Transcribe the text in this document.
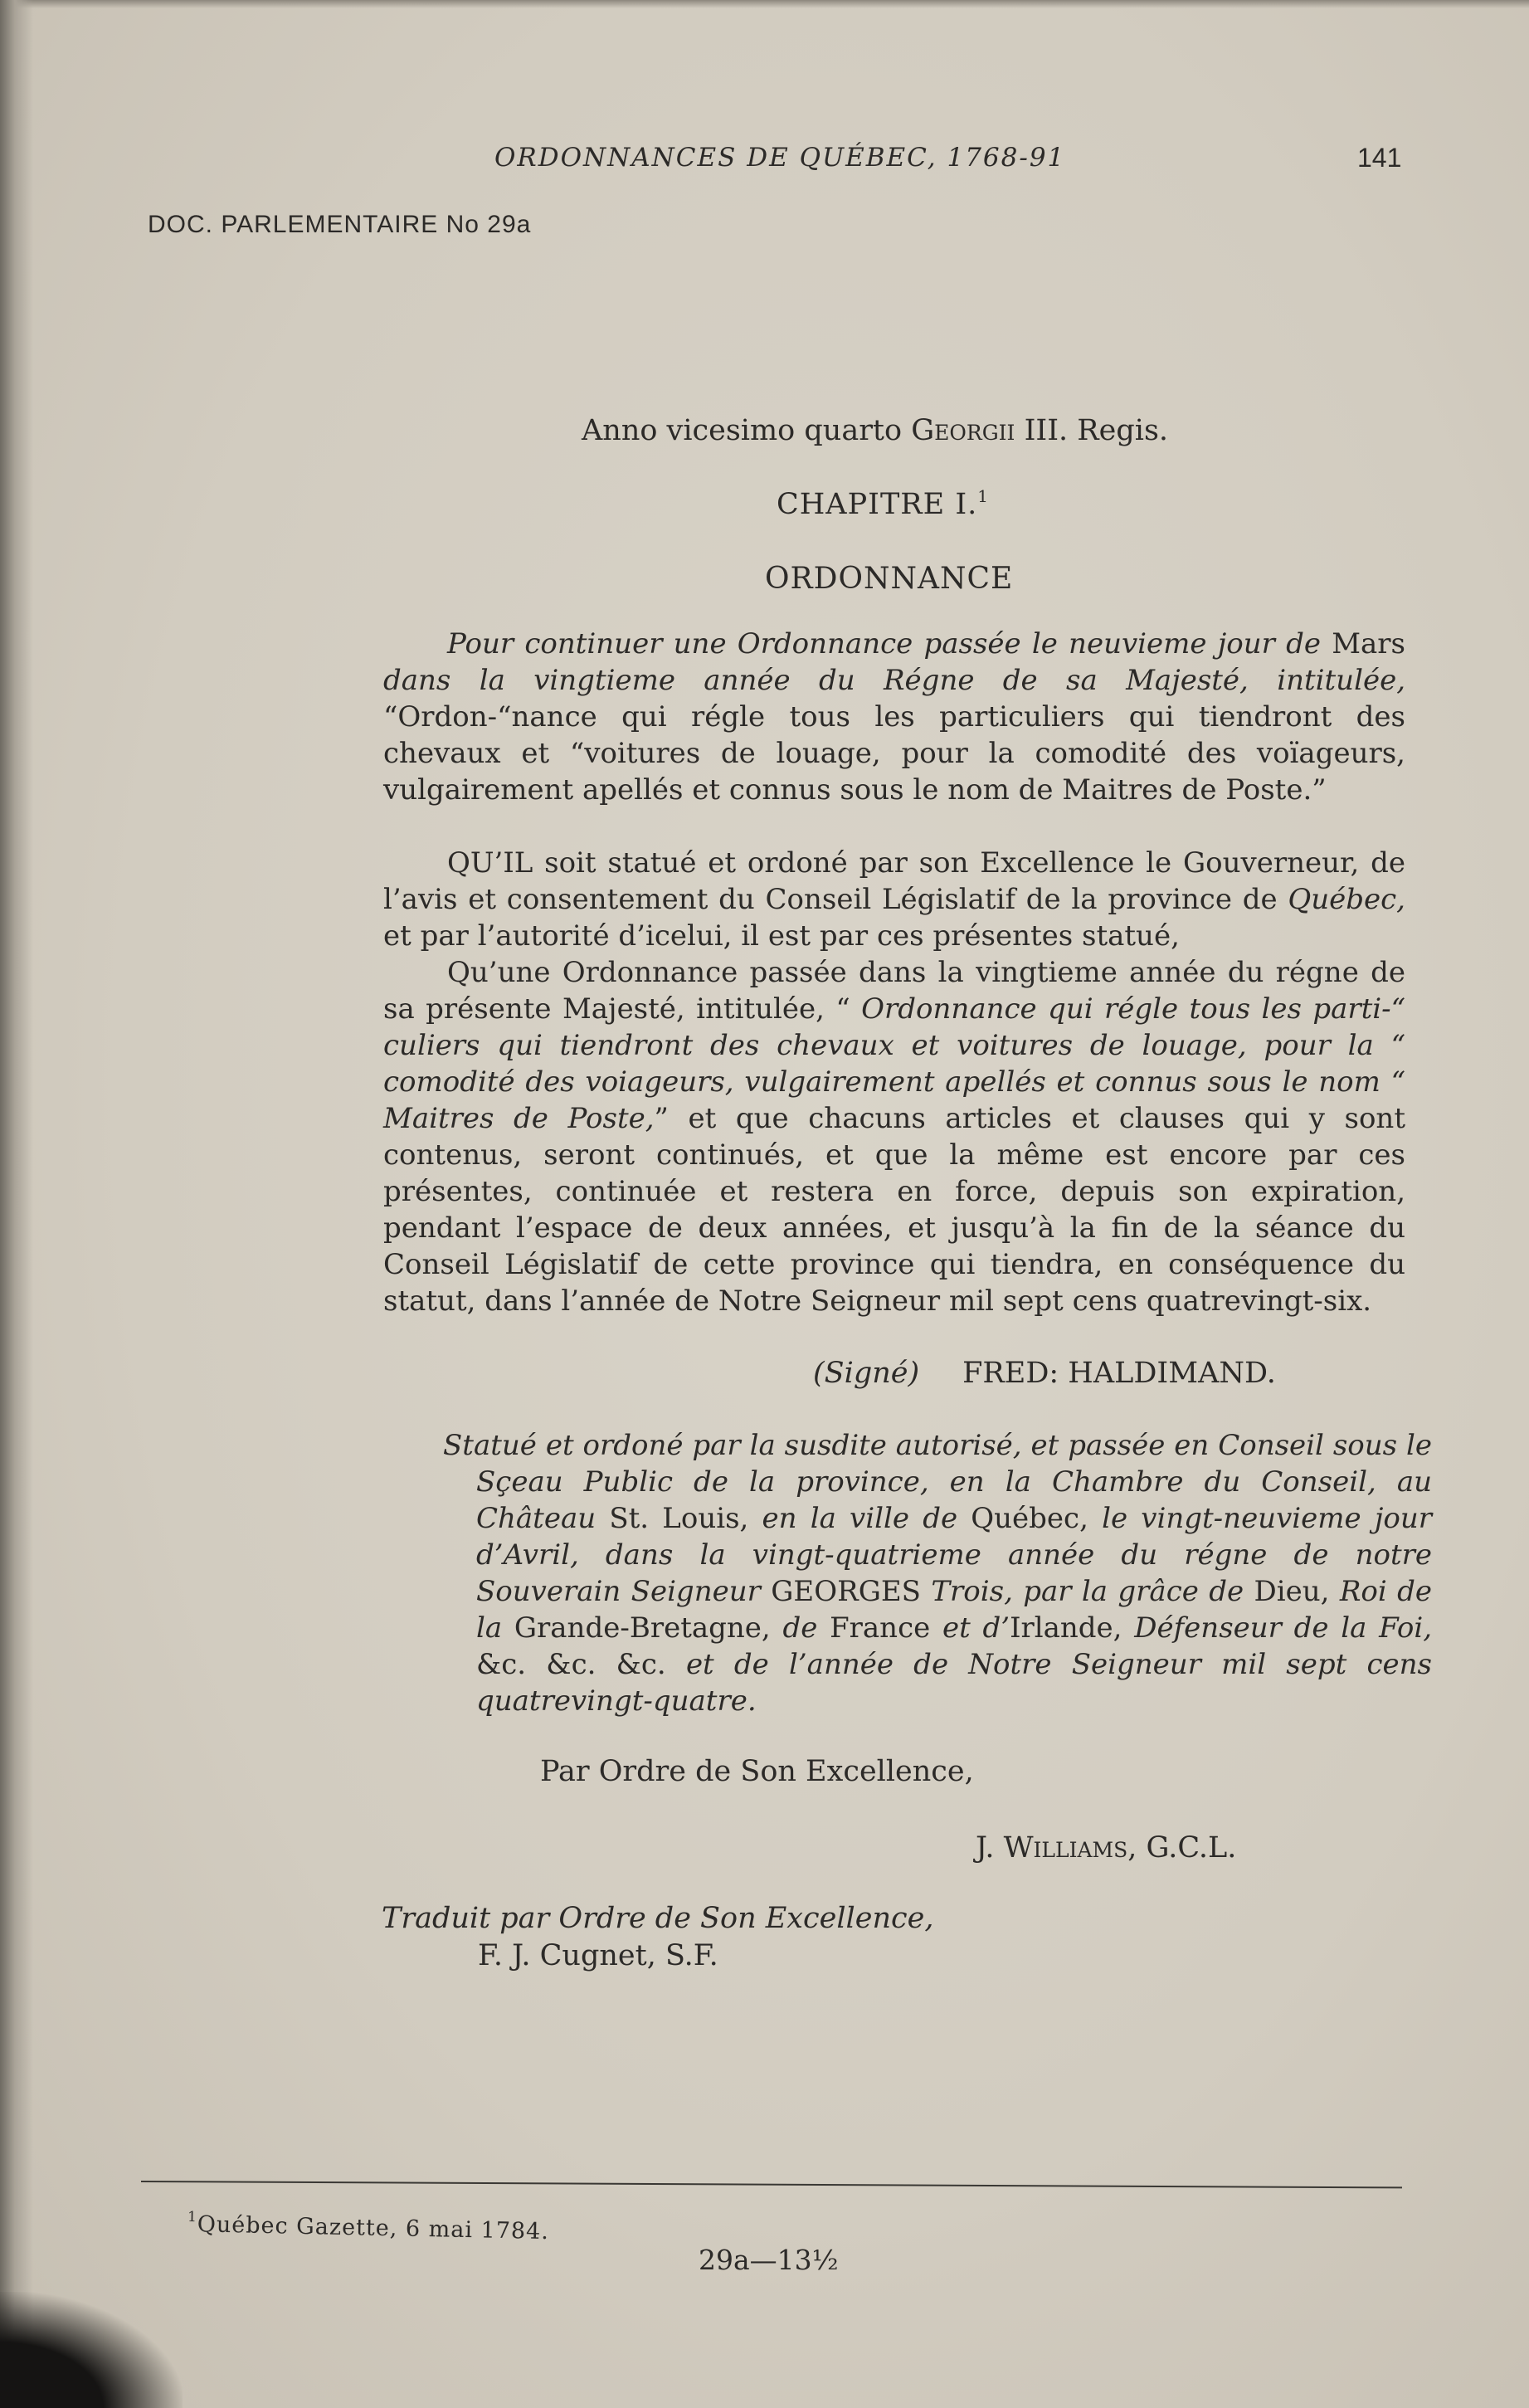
ORDONNANCES DE QUÉBEC, 1768-91	141
DOC. PARLEMENTAIRE No 29a
Anno vicesimo quarto Georgii III. Regis.
CHAPITRE I.$^1$
ORDONNANCE

Pour continuer une Ordonnance passée le neuvieme jour de Mars dans la vingtieme année du Régne de sa Majesté, intitulée, “Ordon-“nance qui régle tous les particuliers qui tiendront des chevaux et “voitures de louage, pour la comodité des voïageurs, vulgairement apellés et connus sous le nom de Maitres de Poste.”

QU’IL soit statué et ordoné par son Excellence le Gouverneur, de l’avis et consentement du Conseil Législatif de la province de Québec, et par l’autorité d’icelui, il est par ces présentes statué,

Qu’une Ordonnance passée dans la vingtieme année du régne de sa présente Majesté, intitulée, “ Ordonnance qui régle tous les parti-“ culiers qui tiendront des chevaux et voitures de louage, pour la “ comodité des voiageurs, vulgairement apellés et connus sous le nom “ Maitres de Poste,” et que chacuns articles et clauses qui y sont contenus, seront continués, et que la même est encore par ces présentes, continuée et restera en force, depuis son expiration, pendant l’espace de deux années, et jusqu’à la fin de la séance du Conseil Législatif de cette province qui tiendra, en conséquence du statut, dans l’année de Notre Seigneur mil sept cens quatrevingt-six.

(Signé) FRED: HALDIMAND.

Statué et ordoné par la susdite autorisé, et passée en Conseil sous le Sçeau Public de la province, en la Chambre du Conseil, au Château St. Louis, en la ville de Québec, le vingt-neuvieme jour d’Avril, dans la vingt-quatrieme année du régne de notre Souverain Seigneur GEORGES Trois, par la grâce de Dieu, Roi de la Grande-Bretagne, de France et d’Irlande, Défenseur de la Foi, &c. &c. &c. et de l’année de Notre Seigneur mil sept cens quatrevingt-quatre.

Par Ordre de Son Excellence,
J. Williams, G.C.L.
Traduit par Ordre de Son Excellence,
F. J. Cugnet, S.F.
$^1$Québec Gazette, 6 mai 1784.
29a—13½
